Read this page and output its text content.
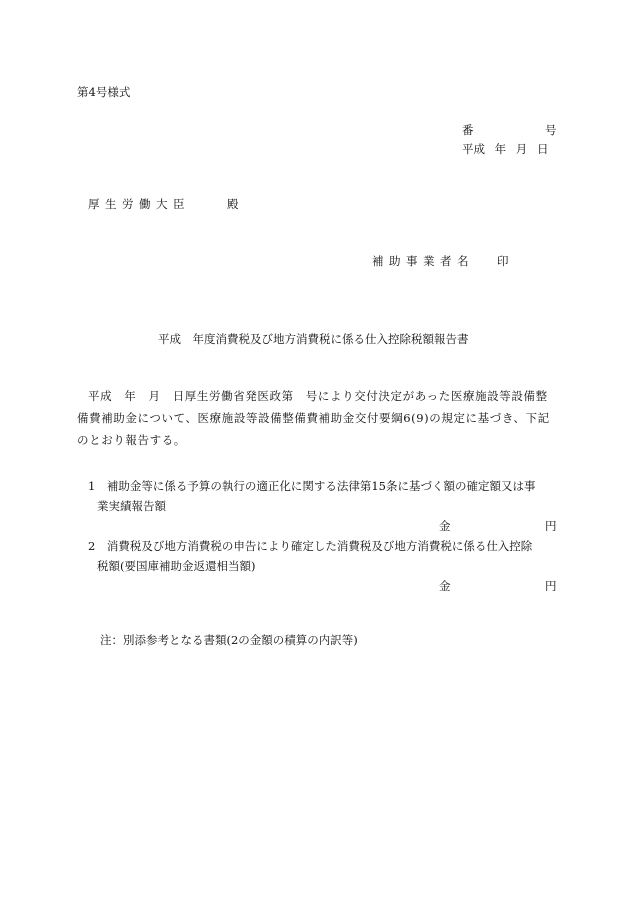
第4号様式
番	号
平成 年 月 日
厚生労働大臣	殿
補助事業者名 印
平成　年度消費税及び地方消費税に係る仕入控除税額報告書
平成　年　月　日厚生労働省発医政第　号により交付決定があった医療施設等設備整備費補助金について、医療施設等設備整備費補助金交付要綱6(9)の規定に基づき、下記のとおり報告する。
1　補助金等に係る予算の執行の適正化に関する法律第15条に基づく額の確定額又は事
業実績報告額
金	円
2　消費税及び地方消費税の申告により確定した消費税及び地方消費税に係る仕入控除
税額(要国庫補助金返還相当額)
金	円
注：別添参考となる書類(2の金額の積算の内訳等)
